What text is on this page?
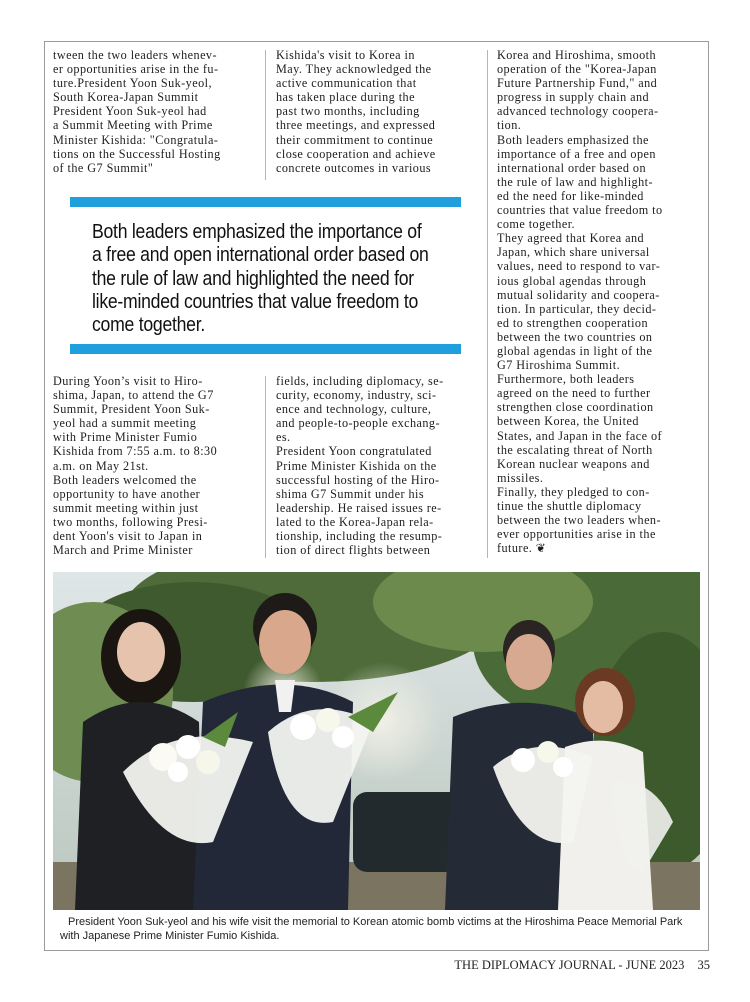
tween the two leaders whenev-
er opportunities arise in the fu-
ture.President Yoon Suk-yeol,
South Korea-Japan Summit
President Yoon Suk-yeol had
a Summit Meeting with Prime
Minister Kishida: "Congratula-
tions on the Successful Hosting
of the G7 Summit"
Kishida's visit to Korea in
May. They acknowledged the
active communication that
has taken place during the
past two months, including
three meetings, and expressed
their commitment to continue
close cooperation and achieve
concrete outcomes in various
Korea and Hiroshima, smooth
operation of the "Korea-Japan
Future Partnership Fund," and
progress in supply chain and
advanced technology coopera-
tion.
Both leaders emphasized the
importance of a free and open
international order based on
the rule of law and highlight-
ed the need for like-minded
countries that value freedom to
come together.
They agreed that Korea and
Japan, which share universal
values, need to respond to var-
ious global agendas through
mutual solidarity and coopera-
tion. In particular, they decid-
ed to strengthen cooperation
between the two countries on
global agendas in light of the
G7 Hiroshima Summit.
Furthermore, both leaders
agreed on the need to further
strengthen close coordination
between Korea, the United
States, and Japan in the face of
the escalating threat of North
Korean nuclear weapons and
missiles.
Finally, they pledged to con-
tinue the shuttle diplomacy
between the two leaders when-
ever opportunities arise in the
future. ❦
Both leaders emphasized the importance of
a free and open international order based on
the rule of law and highlighted the need for
like-minded countries that value freedom to
come together.
During Yoon’s visit to Hiro-
shima, Japan, to attend the G7
Summit, President Yoon Suk-
yeol had a summit meeting
with Prime Minister Fumio
Kishida from 7:55 a.m. to 8:30
a.m. on May 21st.
Both leaders welcomed the
opportunity to have another
summit meeting within just
two months, following Presi-
dent Yoon's visit to Japan in
March and Prime Minister
fields, including diplomacy, se-
curity, economy, industry, sci-
ence and technology, culture,
and people-to-people exchang-
es.
President Yoon congratulated
Prime Minister Kishida on the
successful hosting of the Hiro-
shima G7 Summit under his
leadership. He raised issues re-
lated to the Korea-Japan rela-
tionship, including the resump-
tion of direct flights between
President Yoon Suk-yeol and his wife visit the memorial to Korean atomic bomb victims at the Hiroshima Peace Memorial Park with Japanese Prime Minister Fumio Kishida.
THE DIPLOMACY JOURNAL - JUNE 2023 35
